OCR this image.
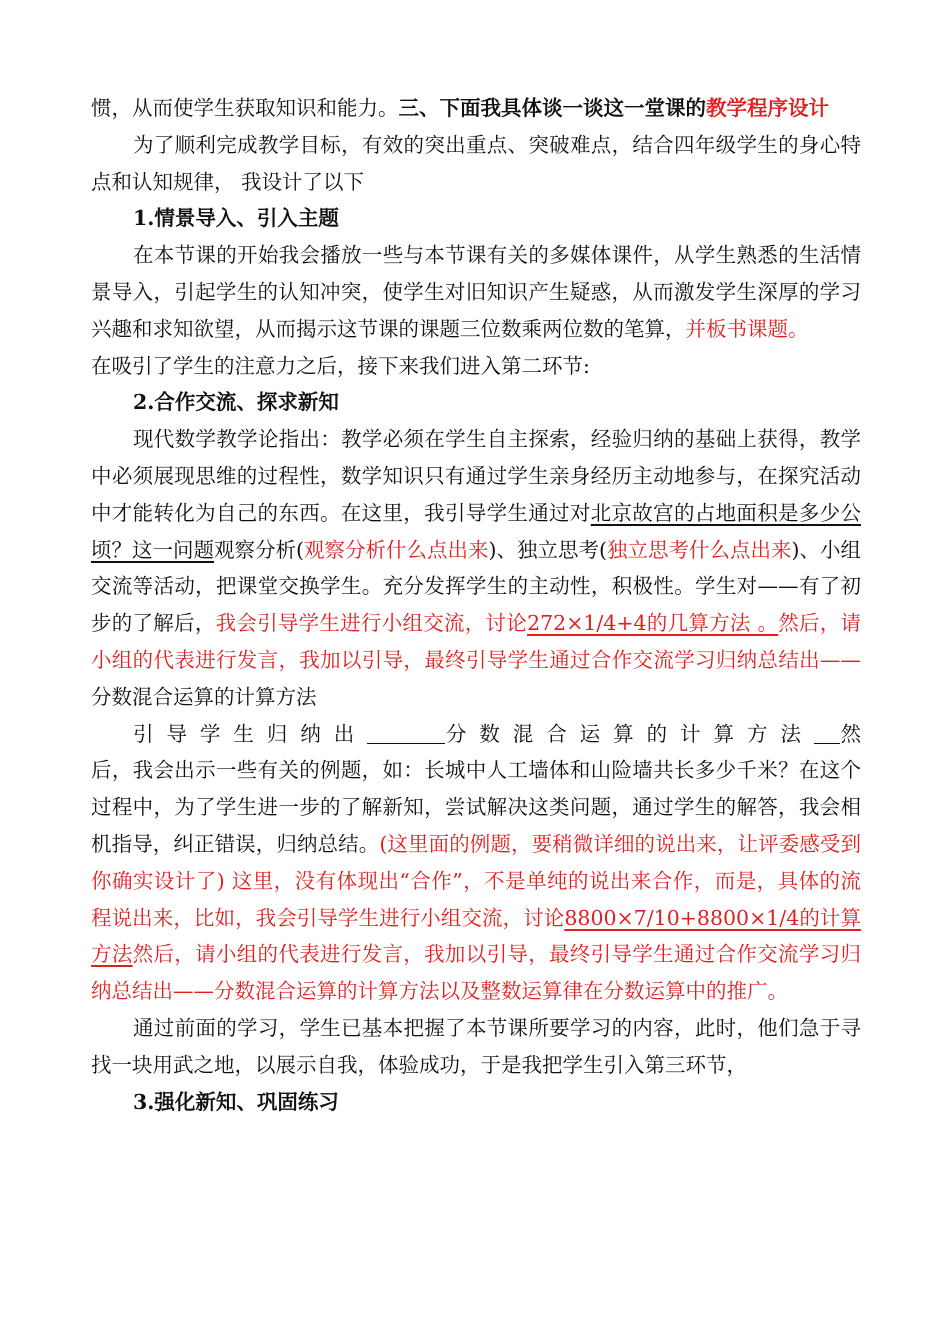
惯，从而使学生获取知识和能力。三、下面我具体谈一谈这一堂课的教学程序设计

为了顺利完成教学目标，有效的突出重点、突破难点，结合四年级学生的身心特点和认知规律， 我设计了以下

1.情景导入、引入主题

在本节课的开始我会播放一些与本节课有关的多媒体课件，从学生熟悉的生活情景导入，引起学生的认知冲突，使学生对旧知识产生疑惑，从而激发学生深厚的学习兴趣和求知欲望，从而揭示这节课的课题三位数乘两位数的笔算，并板书课题。

在吸引了学生的注意力之后，接下来我们进入第二环节:

2.合作交流、探求新知

现代数学教学论指出：教学必须在学生自主探索，经验归纳的基础上获得，教学中必须展现思维的过程性，数学知识只有通过学生亲身经历主动地参与，在探究活动中才能转化为自己的东西。在这里，我引导学生通过对北京故宫的占地面积是多少公顷？这一问题观察分析(观察分析什么点出来)、独立思考(独立思考什么点出来)、小组交流等活动，把课堂交换学生。充分发挥学生的主动性，积极性。学生对——有了初步的了解后，我会引导学生进行小组交流，讨论272×1/4+4的几算方法 。然后，请小组的代表进行发言，我加以引导，最终引导学生通过合作交流学习归纳总结出——分数混合运算的计算方法

引导学生归纳出	分数混合运算的计算方法 然后，我会出示一些有关的例题，如：长城中人工墙体和山险墙共长多少千米？在这个过程中，为了学生进一步的了解新知，尝试解决这类问题，通过学生的解答，我会相机指导，纠正错误，归纳总结。(这里面的例题，要稍微详细的说出来，让评委感受到你确实设计了) 这里，没有体现出“合作”，不是单纯的说出来合作，而是，具体的流程说出来，比如，我会引导学生进行小组交流，讨论8800×7/10+8800×1/4的计算方法然后，请小组的代表进行发言，我加以引导，最终引导学生通过合作交流学习归纳总结出——分数混合运算的计算方法以及整数运算律在分数运算中的推广。

通过前面的学习，学生已基本把握了本节课所要学习的内容，此时，他们急于寻找一块用武之地，以展示自我，体验成功，于是我把学生引入第三环节，

3.强化新知、巩固练习
